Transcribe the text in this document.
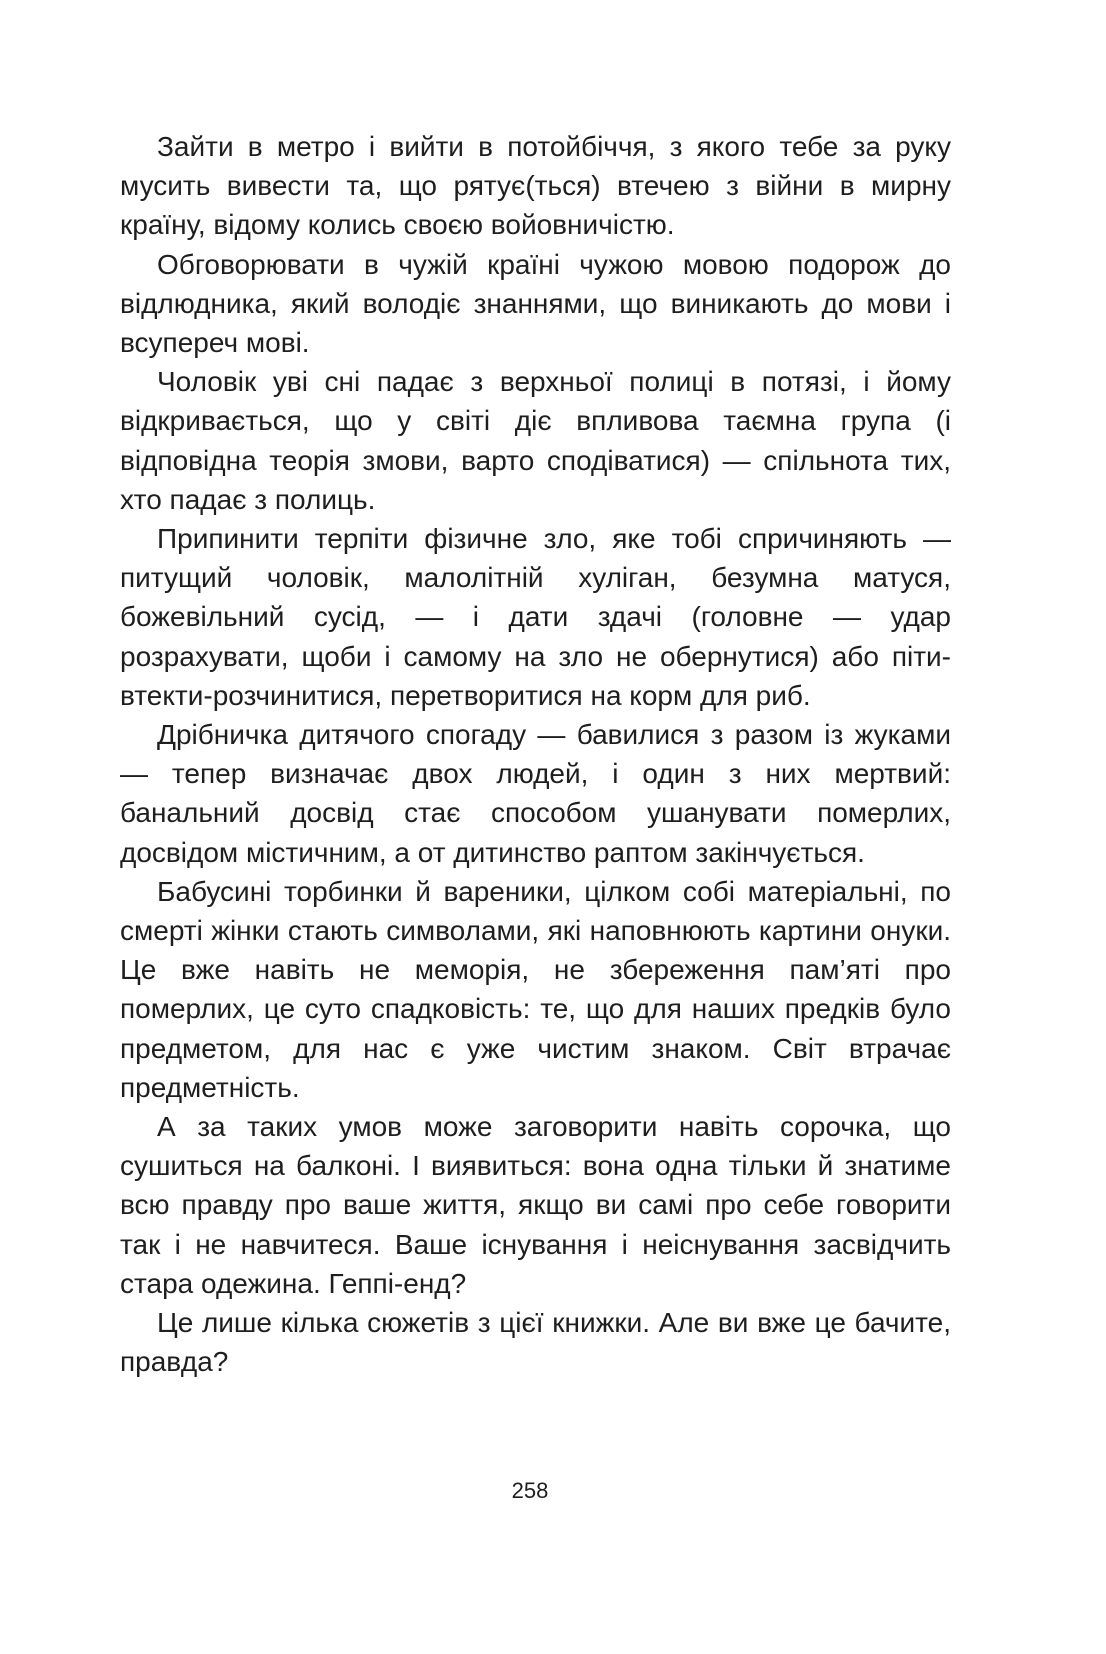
Зайти в метро і вийти в потойбіччя, з якого тебе за руку мусить вивести та, що рятує(ться) втечею з війни в мирну країну, відому колись своєю войовничістю.

Обговорювати в чужій країні чужою мовою подорож до відлюдника, який володіє знаннями, що виникають до мови і всупереч мові.

Чоловік уві сні падає з верхньої полиці в потязі, і йому відкривається, що у світі діє впливова таємна група (і відповідна теорія змови, варто сподіватися) — спільнота тих, хто падає з полиць.

Припинити терпіти фізичне зло, яке тобі спричиняють — питущий чоловік, малолітній хуліган, безумна матуся, божевільний сусід, — і дати здачі (головне — удар розрахувати, щоби і самому на зло не обернутися) або піти-втекти-розчинитися, перетворитися на корм для риб.

Дрібничка дитячого спогаду — бавилися з разом із жуками — тепер визначає двох людей, і один з них мертвий: банальний досвід стає способом ушанувати померлих, досвідом містичним, а от дитинство раптом закінчується.

Бабусині торбинки й вареники, цілком собі матеріальні, по смерті жінки стають символами, які наповнюють картини онуки. Це вже навіть не меморія, не збереження пам’яті про померлих, це суто спадковість: те, що для наших предків було предметом, для нас є уже чистим знаком. Світ втрачає предметність.

А за таких умов може заговорити навіть сорочка, що сушиться на балконі. І виявиться: вона одна тільки й знатиме всю правду про ваше життя, якщо ви самі про себе говорити так і не навчитеся. Ваше існування і неіснування засвідчить стара одежина. Геппі-енд?

Це лише кілька сюжетів з цієї книжки. Але ви вже це бачите, правда?

258
